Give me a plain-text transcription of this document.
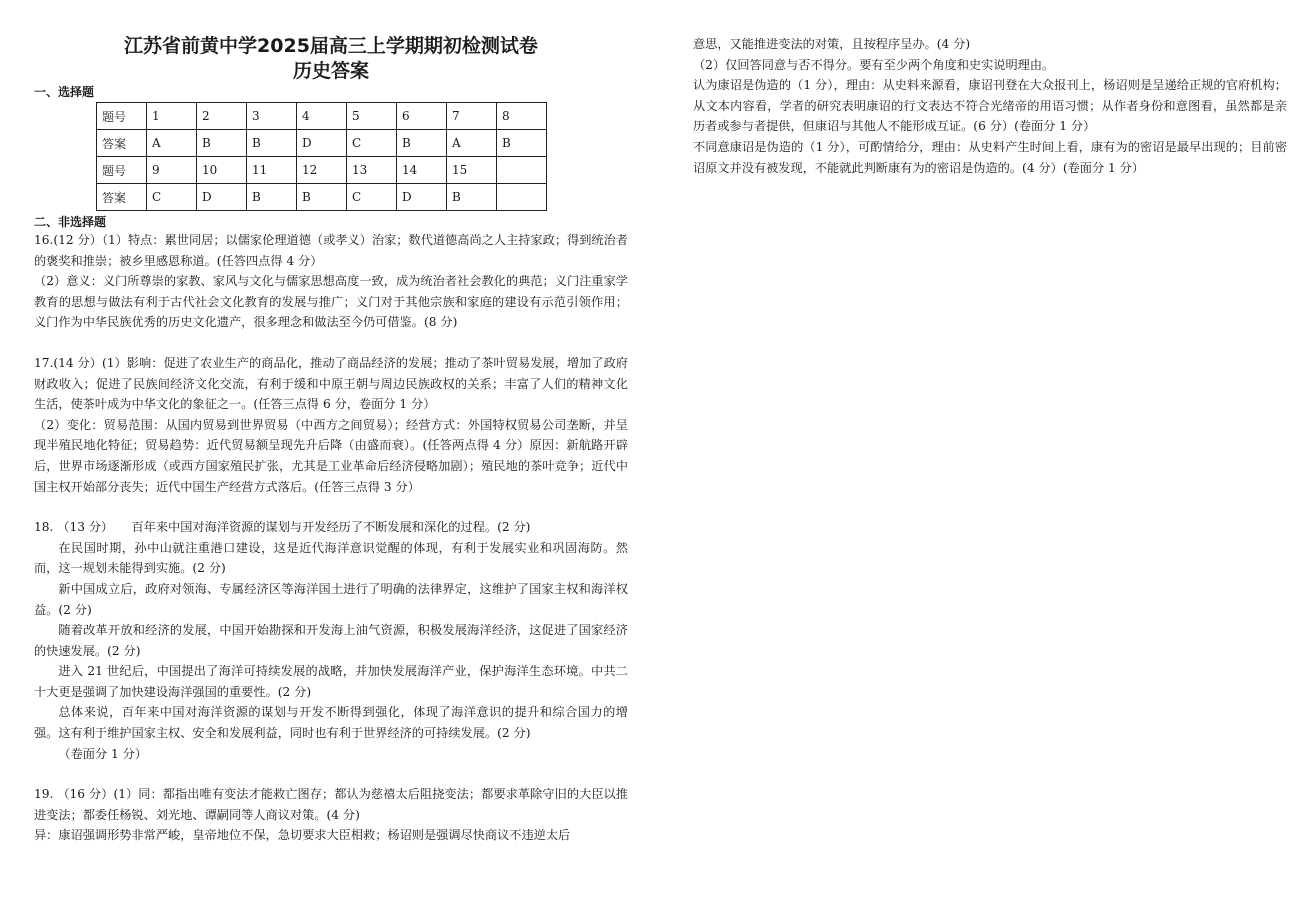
江苏省前黄中学2025届高三上学期期初检测试卷
历史答案
一、选择题
题号	1	2	3	4	5	6	7	8
答案	A	B	B	D	C	B	A	B
题号	9	10	11	12	13	14	15	
答案	C	D	B	B	C	D	B	
二、非选择题

16.(12 分）（1）特点：累世同居；以儒家伦理道德（或孝义）治家；数代道德高尚之人主持家政；得到统治者的褒奖和推崇；被乡里感恩称道。(任答四点得 4 分）

（2）意义：义门所尊崇的家教、家风与文化与儒家思想高度一致，成为统治者社会教化的典范；义门注重家学教育的思想与做法有利于古代社会文化教育的发展与推广；义门对于其他宗族和家庭的建设有示范引领作用；义门作为中华民族优秀的历史文化遗产，很多理念和做法至今仍可借鉴。(8 分)

17.(14 分）(1）影响：促进了农业生产的商品化，推动了商品经济的发展；推动了茶叶贸易发展，增加了政府财政收入；促进了民族间经济文化交流，有利于缓和中原王朝与周边民族政权的关系；丰富了人们的精神文化生活，使茶叶成为中华文化的象征之一。(任答三点得 6 分，卷面分 1 分）

（2）变化：贸易范围：从国内贸易到世界贸易（中西方之间贸易）；经营方式：外国特权贸易公司垄断，并呈现半殖民地化特征；贸易趋势：近代贸易额呈现先升后降（由盛而衰）。(任答两点得 4 分）原因：新航路开辟后，世界市场逐渐形成（或西方国家殖民扩张，尤其是工业革命后经济侵略加剧）；殖民地的茶叶竞争；近代中国主权开始部分丧失；近代中国生产经营方式落后。(任答三点得 3 分）

18. （13 分）　　百年来中国对海洋资源的谋划与开发经历了不断发展和深化的过程。(2 分)

在民国时期，孙中山就注重港口建设，这是近代海洋意识觉醒的体现，有利于发展实业和巩固海防。然而，这一规划未能得到实施。(2 分)

新中国成立后，政府对领海、专属经济区等海洋国土进行了明确的法律界定，这维护了国家主权和海洋权益。(2 分)

随着改革开放和经济的发展，中国开始勘探和开发海上油气资源，积极发展海洋经济，这促进了国家经济的快速发展。(2 分)

进入 21 世纪后，中国提出了海洋可持续发展的战略，并加快发展海洋产业，保护海洋生态环境。中共二十大更是强调了加快建设海洋强国的重要性。(2 分)

总体来说，百年来中国对海洋资源的谋划与开发不断得到强化，体现了海洋意识的提升和综合国力的增强。这有利于维护国家主权、安全和发展利益，同时也有利于世界经济的可持续发展。(2 分)

（卷面分 1 分）

19. （16 分）(1）同：都指出唯有变法才能救亡图存；都认为慈禧太后阻挠变法；都要求革除守旧的大臣以推进变法；都委任杨锐、刘光地、谭嗣同等人商议对策。(4 分)

异：康诏强调形势非常严峻，皇帝地位不保，急切要求大臣相救；杨诏则是强调尽快商议不违逆太后

意思，又能推进变法的对策，且按程序呈办。(4 分)

（2）仅回答同意与否不得分。要有至少两个角度和史实说明理由。

认为康诏是伪造的（1 分），理由：从史料来源看，康诏刊登在大众报刊上，杨诏则是呈递给正规的官府机构；从文本内容看，学者的研究表明康诏的行文表达不符合光绪帝的用语习惯；从作者身份和意图看，虽然都是亲历者或参与者提供，但康诏与其他人不能形成互证。(6 分）(卷面分 1 分）

不同意康诏是伪造的（1 分），可酌情给分，理由：从史料产生时间上看，康有为的密诏是最早出现的；目前密诏原文并没有被发现，不能就此判断康有为的密诏是伪造的。(4 分）(卷面分 1 分）
